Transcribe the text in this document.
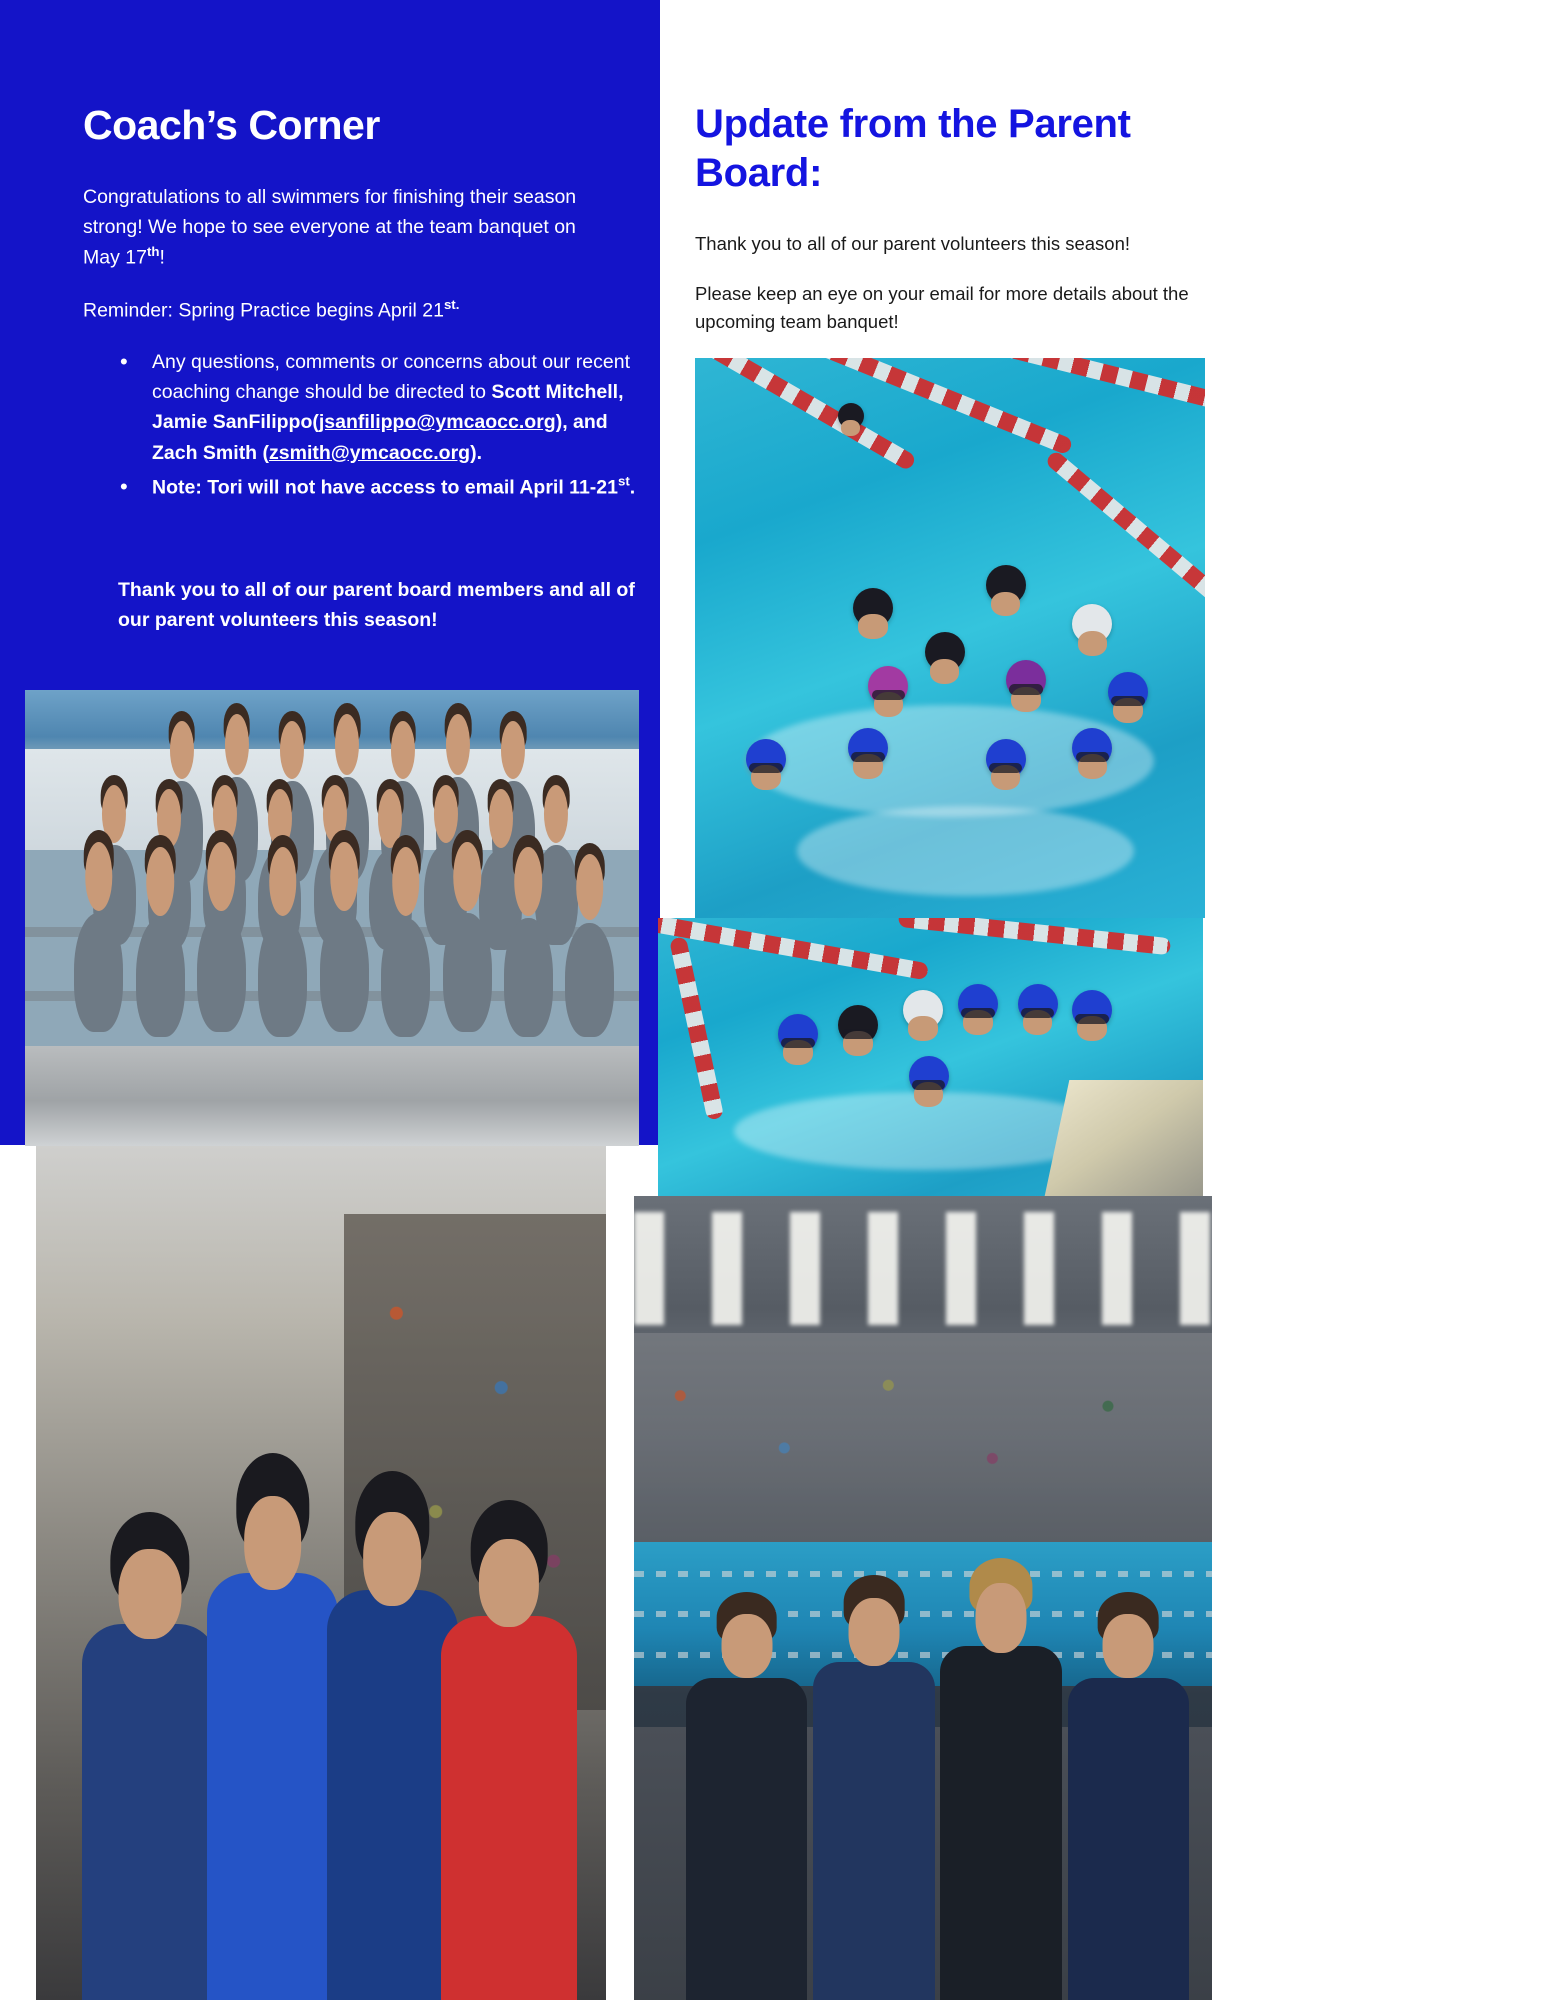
Coach’s Corner

Congratulations to all swimmers for finishing their season strong! We hope to see everyone at the team banquet on May 17th!

Reminder: Spring Practice begins April $21^{st.}$

• Any questions, comments or concerns about our recent coaching change should be directed to Scott Mitchell, Jamie SanFilippo(jsanfilippo@ymcaocc.org), and Zach Smith (zsmith@ymcaocc.org).
• Note: Tori will not have access to email April 11-21st.
Thank you to all of our parent board members and all of our parent volunteers this season!
Update from the Parent Board:

Thank you to all of our parent volunteers this season!

Please keep an eye on your email for more details about the upcoming team banquet!
